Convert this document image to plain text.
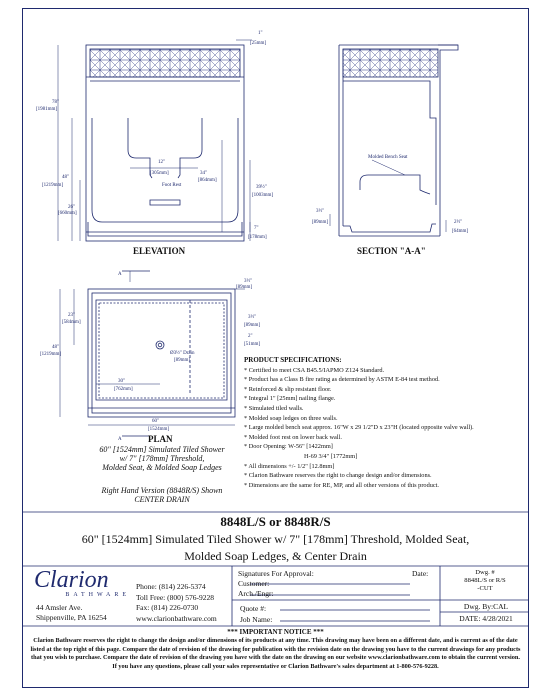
78"
[1981mm]
48"
[1219mm]
26"
[660mm]
12"
[305mm]	34"
[864mm]
Foot Rest	39½"
[1003mm]
7"
[178mm]
1"
[25mm]
Molded Bench Seat
3½"
[89mm]	2½"
[64mm]
A
A
3½"
[89mm]
23"
[584mm]
48"
[1219mm]
3½"
[89mm]
2"
[51mm]
Ø3½" Drain
[89mm]
30"
[762mm]
60"
[1524mm]
ELEVATION	SECTION "A-A"
PLAN
60" [1524mm] Simulated Tiled Shower
w/ 7" [178mm] Threshold,
Molded Seat, & Molded Soap Ledges
Right Hand Version (8848R/S) Shown
CENTER DRAIN
PRODUCT SPECIFICATIONS:
* Certified to meet CSA B45.5/IAPMO Z124 Standard.
* Product has a Class B fire rating as determined by ASTM E-84 test method.
* Reinforced & slip resistant floor.
* Integral 1" [25mm] nailing flange.
* Simulated tiled walls.
* Molded soap ledges on three walls.
* Large molded bench seat approx. 16"W x 29 1/2"D x 23"H (located opposite valve wall).
* Molded foot rest on lower back wall.
* Door Opening: W-56" [1422mm]
H-69 3/4" [1772mm]
* All dimensions +/- 1/2" [12.8mm]
* Clarion Bathware reserves the right to change design and/or dimensions.
* Dimensions are the same for RE, MP, and all other versions of this product.
8848L/S or 8848R/S
60" [1524mm] Simulated Tiled Shower w/ 7" [178mm] Threshold, Molded Seat,
Molded Soap Ledges, & Center Drain
Clarion
BATHWARE
44 Amsler Ave.
Shippenville, PA 16254
Phone: (814) 226-5374
Toll Free: (800) 576-9228
Fax: (814) 226-0730
www.clarionbathware.com
Signatures For Approval:	Date:
Customer:
Arch./Engr:
Quote #:
Job Name:
Dwg. #
8848L/S or R/S
-CUT
Dwg. By:CAL
DATE: 4/28/2021
*** IMPORTANT NOTICE ***
Clarion Bathware reserves the right to change the design and/or dimensions of its products at any time. This drawing may have been on a different date, and is current as of the date listed at the top right of this page. Compare the date of revision of the drawing for publication with the revision date on the drawing you have to the current drawings for any products that you wish to purchase. Compare the date of revision of the drawing you have with the date on the drawing on our website www.clarionbathware.com to obtain the current version. If you have any questions, please call your sales representative or Clarion Bathware's sales department at 1-800-576-9228.
